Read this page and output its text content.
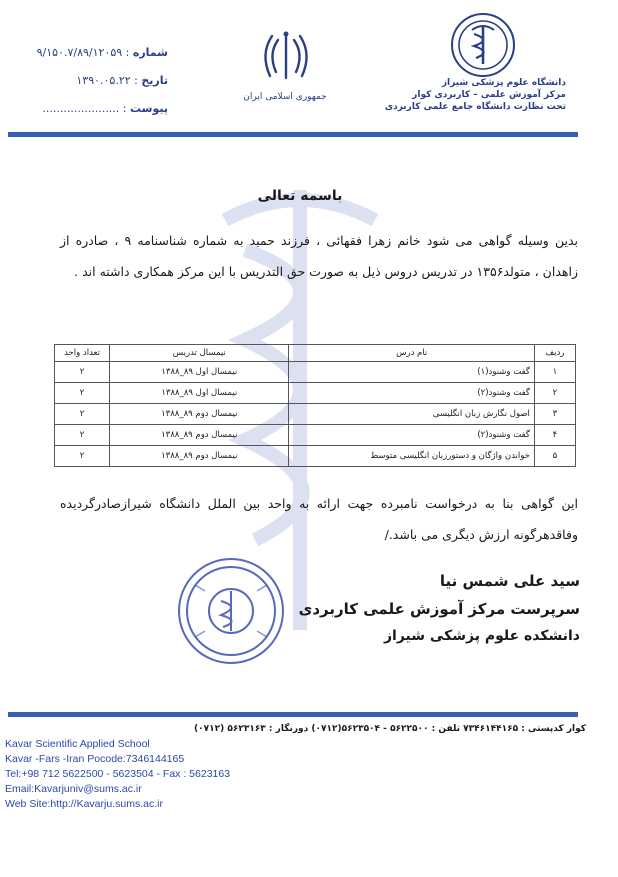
شماره : ۹/۱۵۰.۷/۸۹/۱۲۰۵۹
تاریخ : ۱۳۹۰.۰۵.۲۲
پیوست : ......................
جمهوری اسلامی ایران
دانشگاه علوم پزشکی شیراز
مرکز آموزش علمی – کاربردی کوار
تحت نظارت دانشگاه جامع علمی کاربردی
باسمه تعالی
بدین وسیله گواهی می شود خانم زهرا فقهائی ، فرزند حمید به شماره شناسنامه ۹ ، صادره از زاهدان ، متولد۱۳۵۶ در تدریس دروس ذیل به صورت حق التدریس با این مرکز همکاری داشته اند .
ردیف	نام درس	نیمسال تدریس	تعداد واحد
۱	گفت وشنود(۱)	نیمسال اول ۸۹_۱۳۸۸	۲
۲	گفت وشنود(۲)	نیمسال اول ۸۹_۱۳۸۸	۲
۳	اصول نگارش زبان انگلیسی	نیمسال دوم ۸۹_۱۳۸۸	۲
۴	گفت وشنود(۲)	نیمسال دوم ۸۹_۱۳۸۸	۲
۵	خواندن واژگان و دستورزبان انگلیسی متوسط	نیمسال دوم ۸۹_۱۳۸۸	۲
این گواهی بنا به درخواست نامبرده جهت ارائه به واحد بین الملل دانشگاه شیرازصادرگردیده وفاقدهرگونه ارزش دیگری می باشد./
سید علی شمس نیا
سرپرست مرکز آموزش علمی کاربردی
دانشکده علوم پزشکی شیراز
کوار کدپستی : ۷۳۴۶۱۴۴۱۶۵ تلفن : ۵۶۲۲۵۰۰ - ۵۶۲۳۵۰۴(۰۷۱۲) دورنگار : ۵۶۲۳۱۶۳ (۰۷۱۲)
Kavar Scientific Applied School
Kavar -Fars -Iran Pocode:7346144165
Tel:+98 712 5622500 - 5623504 - Fax : 5623163
Email:Kavarjuniv@sums.ac.ir
Web Site:http://Kavarju.sums.ac.ir
